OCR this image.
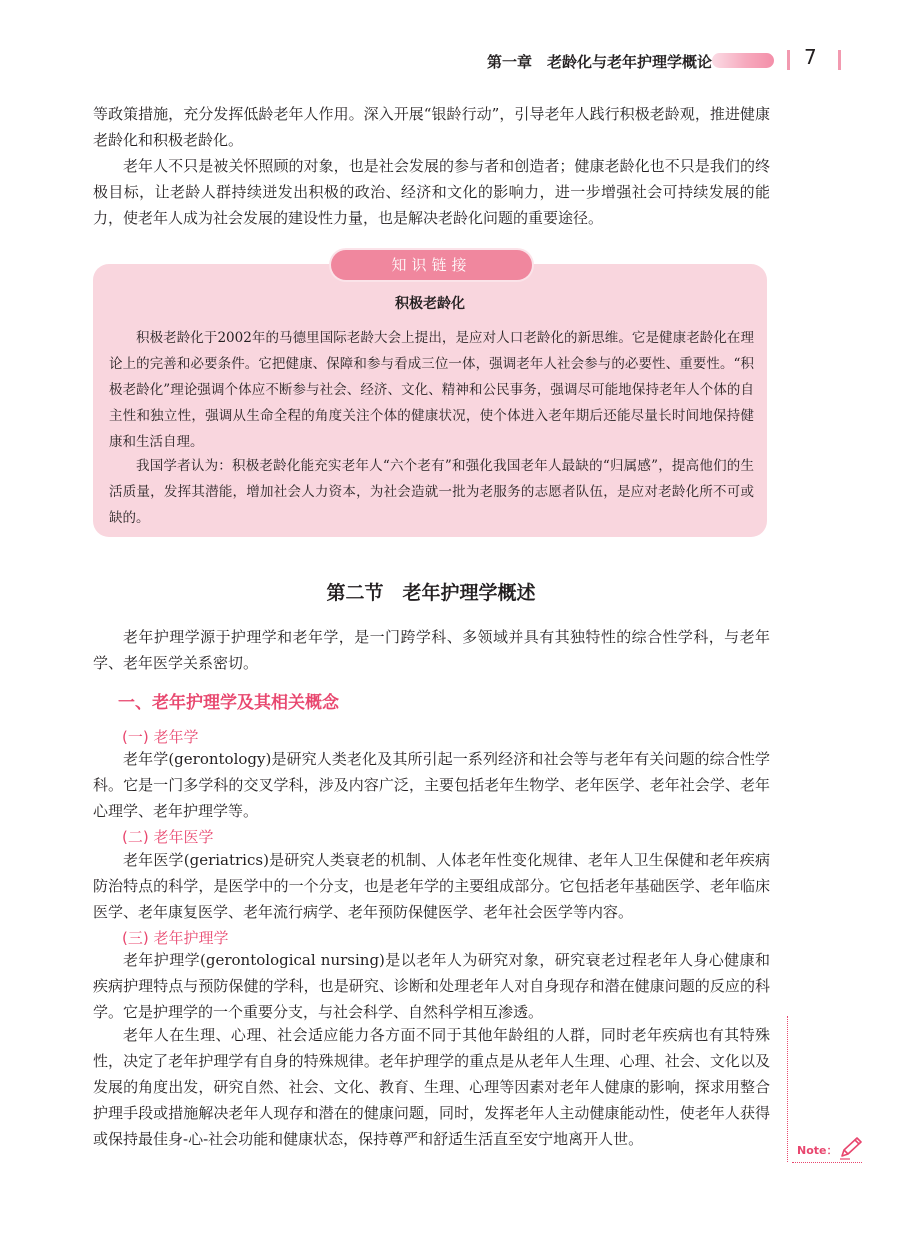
第一章　老龄化与老年护理学概论	7

等政策措施，充分发挥低龄老年人作用。深入开展“银龄行动”，引导老年人践行积极老龄观，推进健康老龄化和积极老龄化。

老年人不只是被关怀照顾的对象，也是社会发展的参与者和创造者；健康老龄化也不只是我们的终极目标，让老龄人群持续迸发出积极的政治、经济和文化的影响力，进一步增强社会可持续发展的能力，使老年人成为社会发展的建设性力量，也是解决老龄化问题的重要途径。

知识链接
积极老龄化

积极老龄化于2002年的马德里国际老龄大会上提出，是应对人口老龄化的新思维。它是健康老龄化在理论上的完善和必要条件。它把健康、保障和参与看成三位一体，强调老年人社会参与的必要性、重要性。“积极老龄化”理论强调个体应不断参与社会、经济、文化、精神和公民事务，强调尽可能地保持老年人个体的自主性和独立性，强调从生命全程的角度关注个体的健康状况，使个体进入老年期后还能尽量长时间地保持健康和生活自理。

我国学者认为：积极老龄化能充实老年人“六个老有”和强化我国老年人最缺的“归属感”，提高他们的生活质量，发挥其潜能，增加社会人力资本，为社会造就一批为老服务的志愿者队伍，是应对老龄化所不可或缺的。

第二节　老年护理学概述

老年护理学源于护理学和老年学，是一门跨学科、多领域并具有其独特性的综合性学科，与老年学、老年医学关系密切。

一、老年护理学及其相关概念
(一) 老年学

老年学(gerontology)是研究人类老化及其所引起一系列经济和社会等与老年有关问题的综合性学科。它是一门多学科的交叉学科，涉及内容广泛，主要包括老年生物学、老年医学、老年社会学、老年心理学、老年护理学等。

(二) 老年医学

老年医学(geriatrics)是研究人类衰老的机制、人体老年性变化规律、老年人卫生保健和老年疾病防治特点的科学，是医学中的一个分支，也是老年学的主要组成部分。它包括老年基础医学、老年临床医学、老年康复医学、老年流行病学、老年预防保健医学、老年社会医学等内容。

(三) 老年护理学

老年护理学(gerontological nursing)是以老年人为研究对象，研究衰老过程老年人身心健康和疾病护理特点与预防保健的学科，也是研究、诊断和处理老年人对自身现存和潜在健康问题的反应的科学。它是护理学的一个重要分支，与社会科学、自然科学相互渗透。

老年人在生理、心理、社会适应能力各方面不同于其他年龄组的人群，同时老年疾病也有其特殊性，决定了老年护理学有自身的特殊规律。老年护理学的重点是从老年人生理、心理、社会、文化以及发展的角度出发，研究自然、社会、文化、教育、生理、心理等因素对老年人健康的影响，探求用整合护理手段或措施解决老年人现存和潜在的健康问题，同时，发挥老年人主动健康能动性，使老年人获得或保持最佳身-心-社会功能和健康状态，保持尊严和舒适生活直至安宁地离开人世。

Note：
